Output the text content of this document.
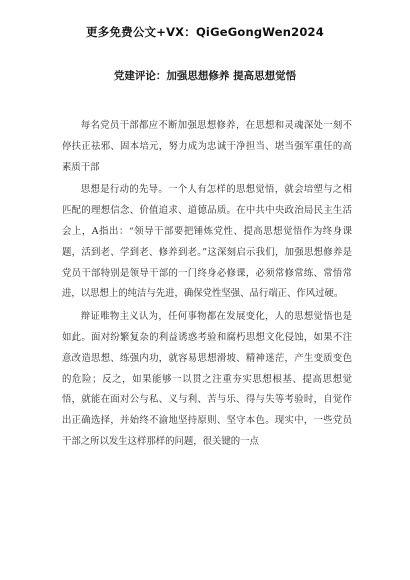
更多免费公文+VX：QiGeGongWen2024
党建评论：加强思想修养 提高思想觉悟

每名党员干部都应不断加强思想修养，在思想和灵魂深处一刻不停扶正祛邪、固本培元，努力成为忠诚干净担当、堪当强军重任的高素质干部

思想是行动的先导。一个人有怎样的思想觉悟，就会培塑与之相匹配的理想信念、价值追求、道德品质。在中共中央政治局民主生活会上，A指出：“领导干部要把锤炼党性、提高思想觉悟作为终身课题，活到老、学到老、修养到老。”这深刻启示我们，加强思想修养是党员干部特别是领导干部的一门终身必修课，必须常修常练、常悟常进，以思想上的纯洁与先进，确保党性坚强、品行端正、作风过硬。

辩证唯物主义认为，任何事物都在发展变化，人的思想觉悟也是如此。面对纷繁复杂的利益诱惑考验和腐朽思想文化侵蚀，如果不注意改造思想、练强内功，就容易思想滑坡、精神迷茫，产生变质变色的危险；反之，如果能够一以贯之注重夯实思想根基、提高思想觉悟，就能在面对公与私、义与利、苦与乐、得与失等考验时，自觉作出正确选择，并始终不渝地坚持原则、坚守本色。现实中，一些党员干部之所以发生这样那样的问题，很关键的一点
